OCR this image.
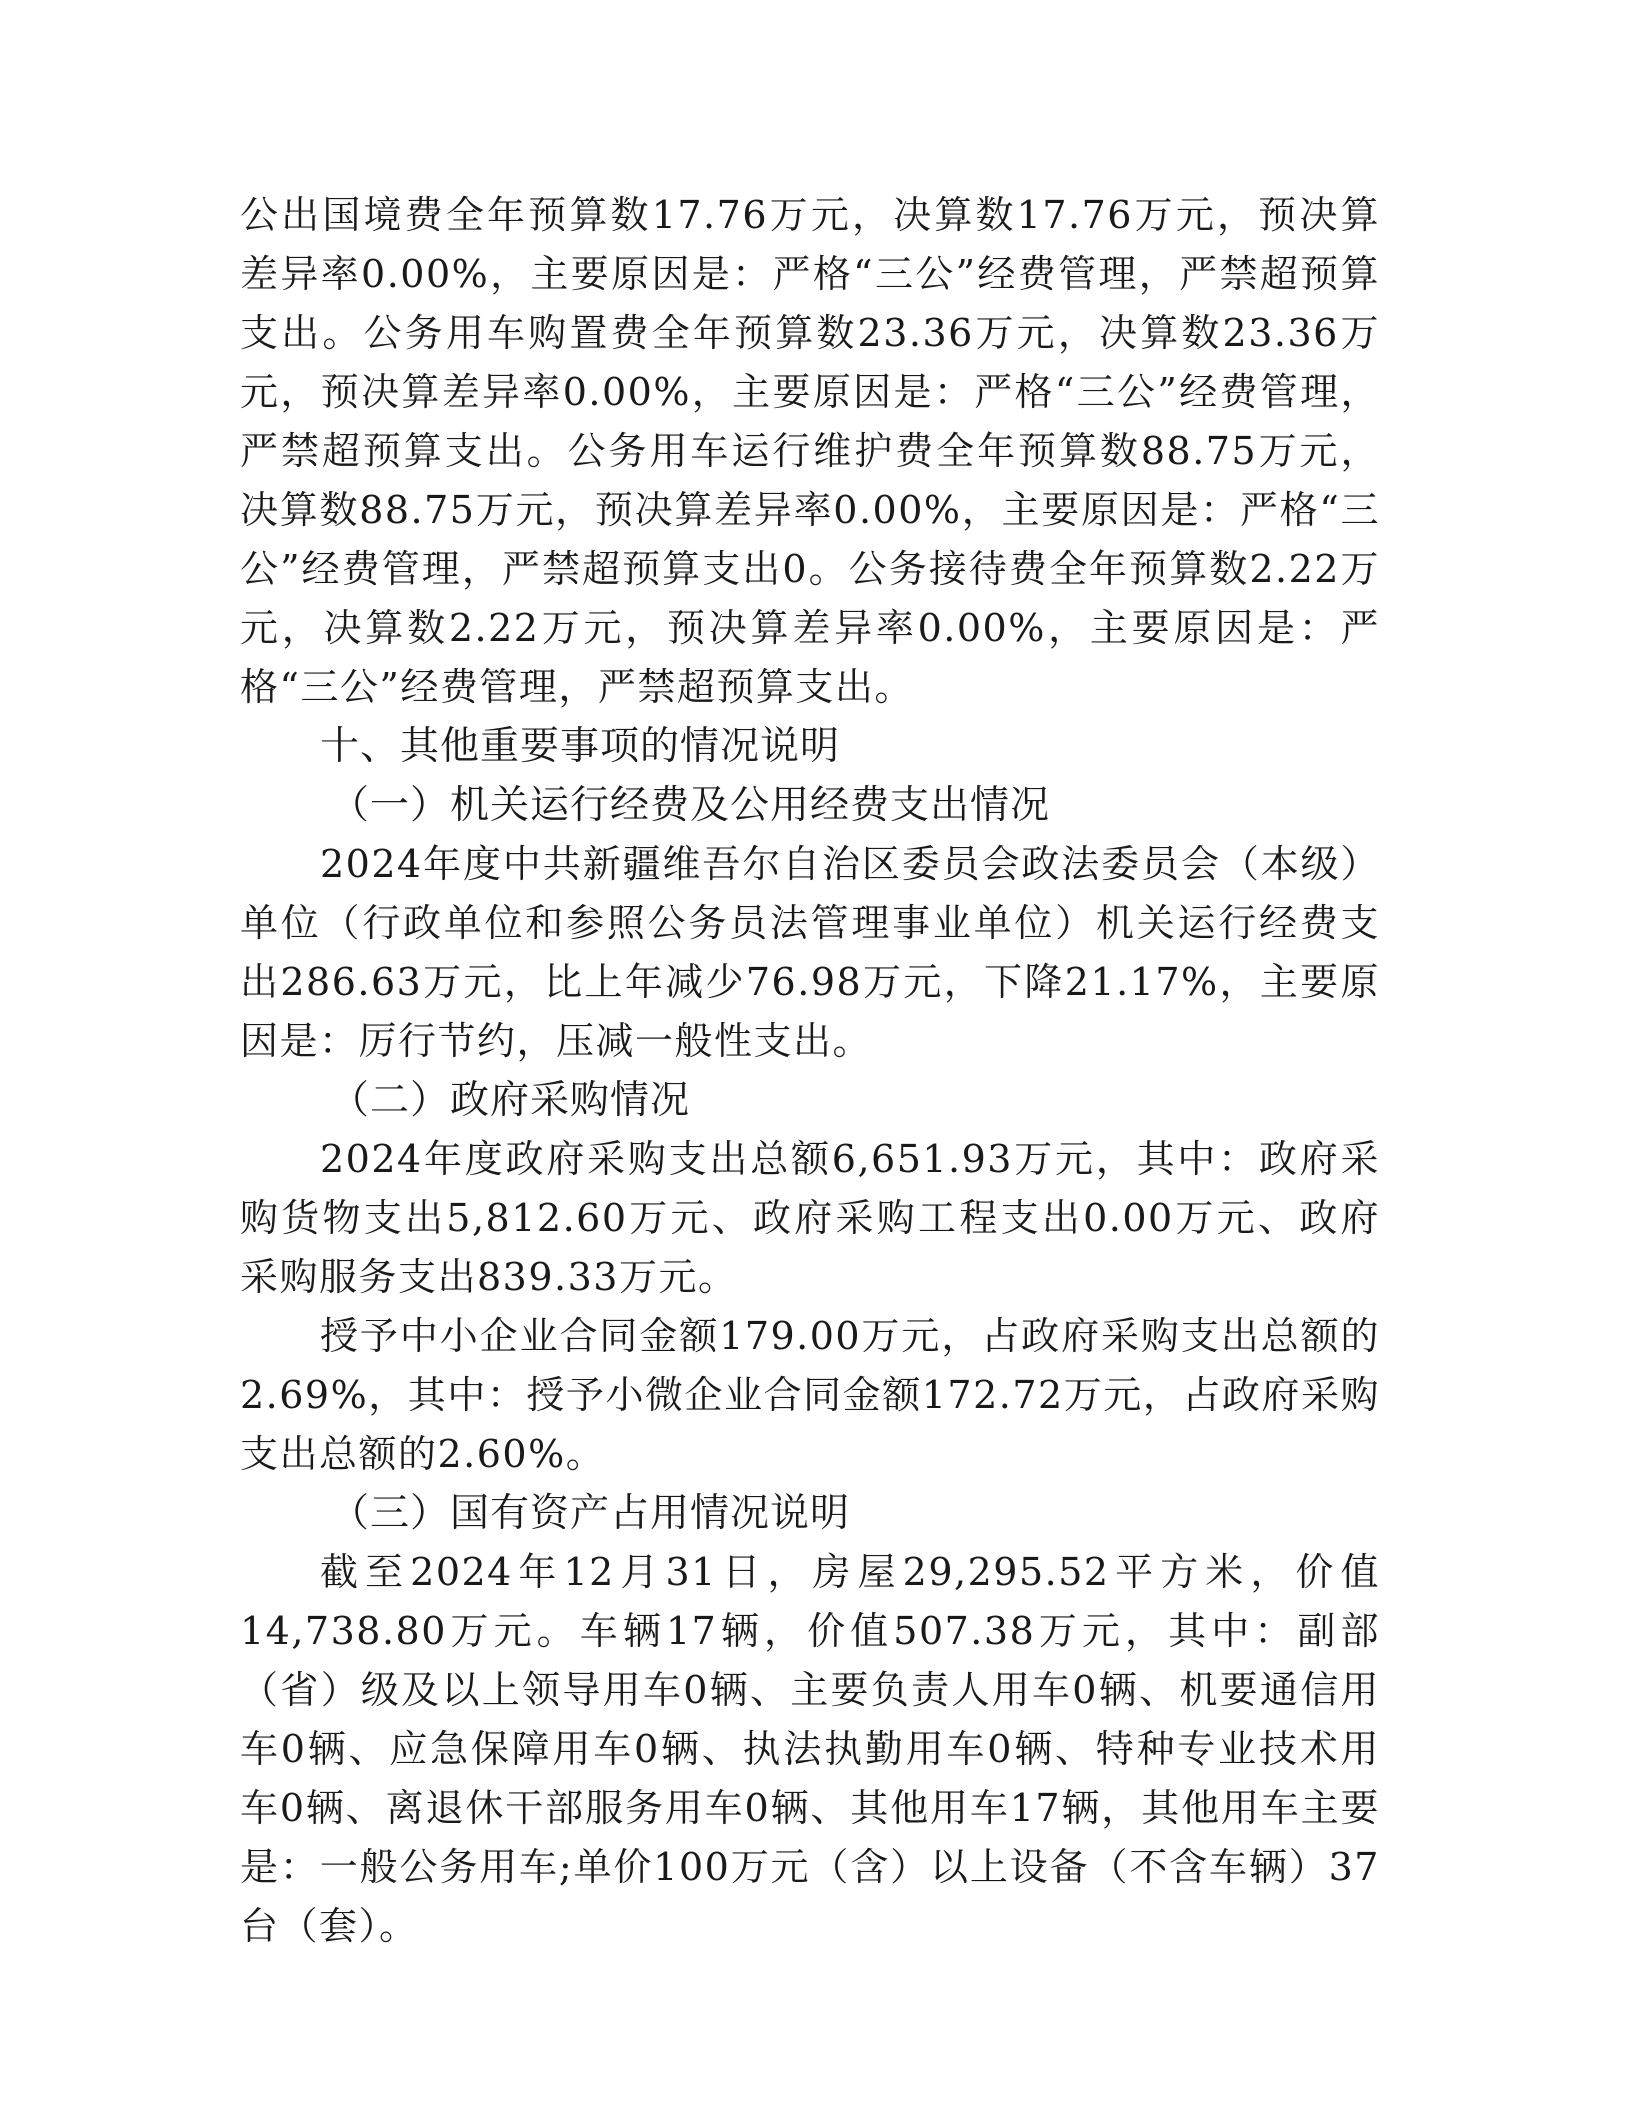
公出国境费全年预算数17.76万元，决算数17.76万元，预决算差异率0.00%，主要原因是：严格“三公”经费管理，严禁超预算支出。公务用车购置费全年预算数23.36万元，决算数23.36万元，预决算差异率0.00%，主要原因是：严格“三公”经费管理，严禁超预算支出。公务用车运行维护费全年预算数88.75万元，决算数88.75万元，预决算差异率0.00%，主要原因是：严格“三公”经费管理，严禁超预算支出0。公务接待费全年预算数2.22万元，决算数2.22万元，预决算差异率0.00%，主要原因是：严格“三公”经费管理，严禁超预算支出。

十、其他重要事项的情况说明
（一）机关运行经费及公用经费支出情况

2024年度中共新疆维吾尔自治区委员会政法委员会（本级）单位（行政单位和参照公务员法管理事业单位）机关运行经费支出286.63万元，比上年减少76.98万元，下降21.17%，主要原因是：厉行节约，压减一般性支出。

（二）政府采购情况

2024年度政府采购支出总额6,651.93万元，其中：政府采购货物支出5,812.60万元、政府采购工程支出0.00万元、政府采购服务支出839.33万元。

授予中小企业合同金额179.00万元，占政府采购支出总额的2.69%，其中：授予小微企业合同金额172.72万元，占政府采购支出总额的2.60%。

（三）国有资产占用情况说明

截至2024年12月31日，房屋29,295.52平方米，价值14,738.80万元。车辆17辆，价值507.38万元，其中：副部（省）级及以上领导用车0辆、主要负责人用车0辆、机要通信用车0辆、应急保障用车0辆、执法执勤用车0辆、特种专业技术用车0辆、离退休干部服务用车0辆、其他用车17辆，其他用车主要是：一般公务用车;单价100万元（含）以上设备（不含车辆）37台（套）。
